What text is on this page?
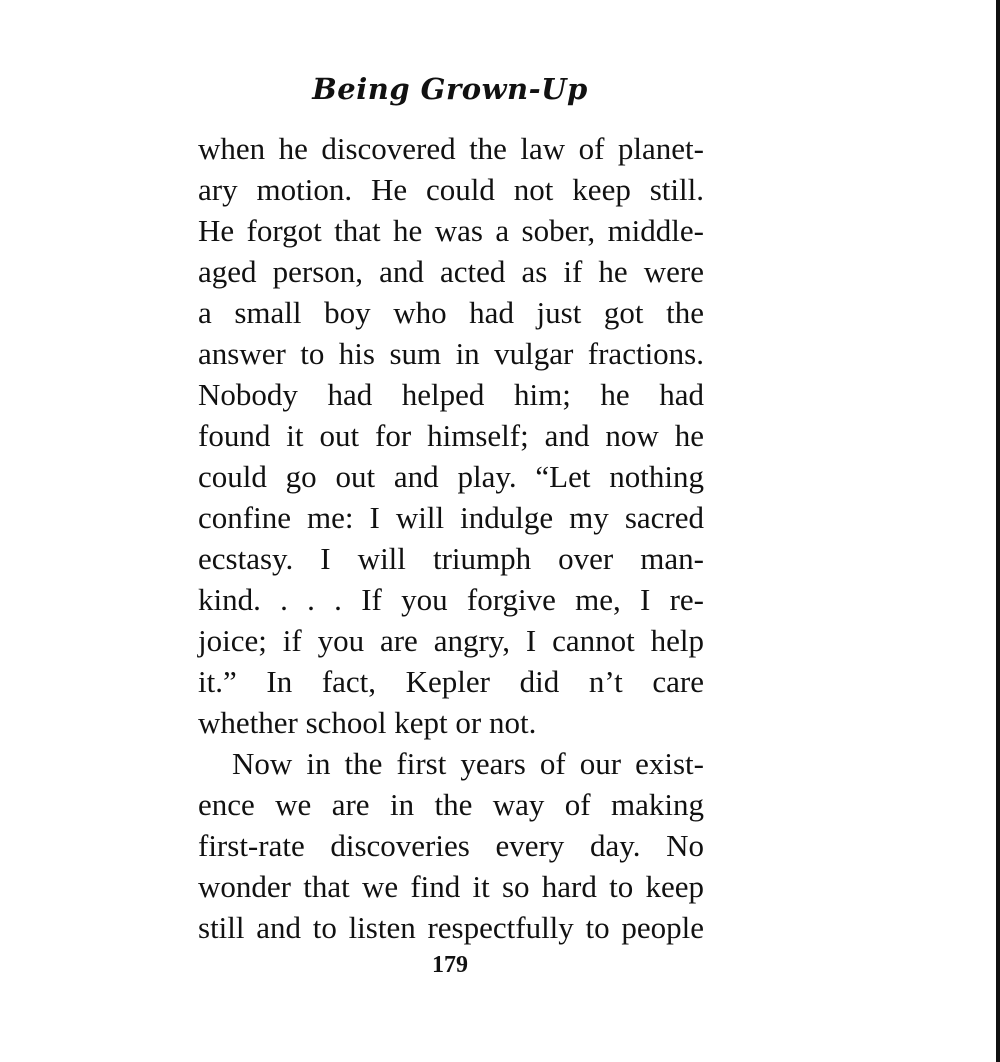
Being Grown-Up
when he discovered the law of planet-
ary motion. He could not keep still.
He forgot that he was a sober, middle-
aged person, and acted as if he were
a small boy who had just got the
answer to his sum in vulgar fractions.
Nobody had helped him; he had
found it out for himself; and now he
could go out and play. “Let nothing
confine me: I will indulge my sacred
ecstasy. I will triumph over man-
kind. . . . If you forgive me, I re-
joice; if you are angry, I cannot help
it.” In fact, Kepler did n’t care
whether school kept or not.
Now in the first years of our exist-
ence we are in the way of making
first-rate discoveries every day. No
wonder that we find it so hard to keep
still and to listen respectfully to people
179
